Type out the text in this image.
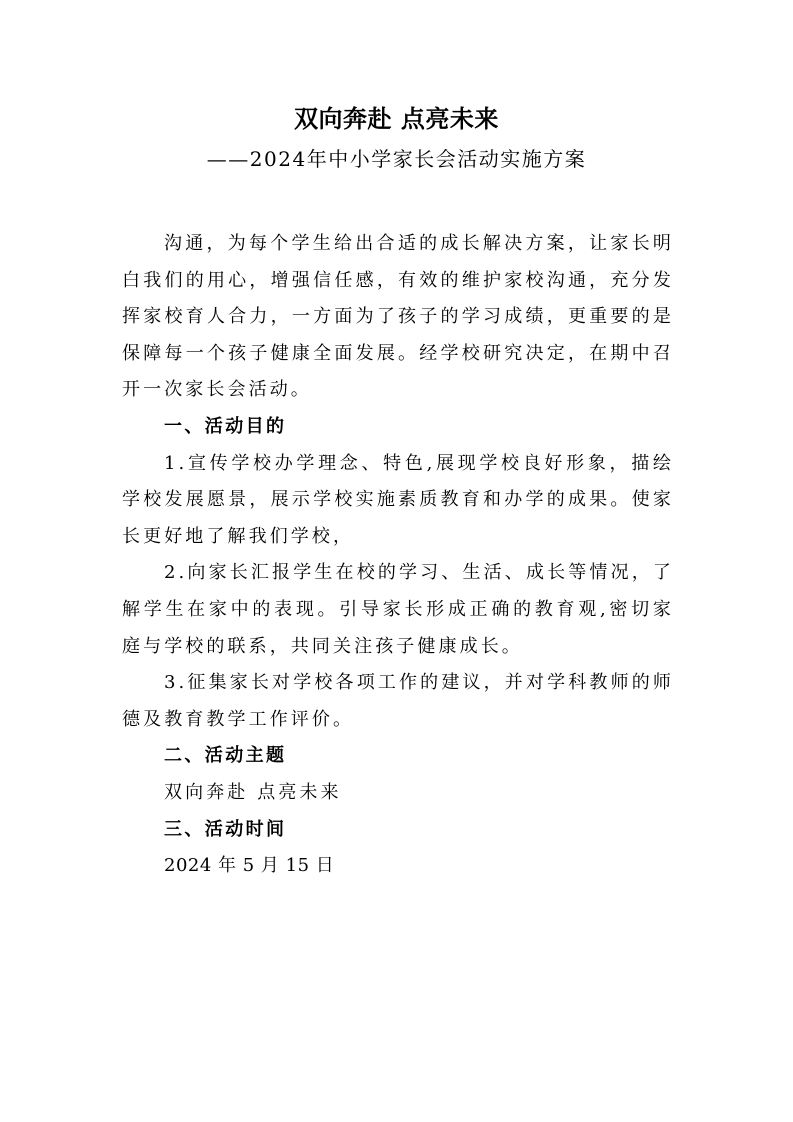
双向奔赴 点亮未来
——2024年中小学家长会活动实施方案

沟通，为每个学生给出合适的成长解决方案，让家长明白我们的用心，增强信任感，有效的维护家校沟通，充分发挥家校育人合力，一方面为了孩子的学习成绩，更重要的是保障每一个孩子健康全面发展。经学校研究决定，在期中召开一次家长会活动。

一、活动目的

1.宣传学校办学理念、特色,展现学校良好形象，描绘学校发展愿景，展示学校实施素质教育和办学的成果。使家长更好地了解我们学校，

2.向家长汇报学生在校的学习、生活、成长等情况，了解学生在家中的表现。引导家长形成正确的教育观,密切家庭与学校的联系，共同关注孩子健康成长。

3.征集家长对学校各项工作的建议，并对学科教师的师德及教育教学工作评价。

二、活动主题

双向奔赴 点亮未来

三、活动时间

2024 年 5 月 15 日
